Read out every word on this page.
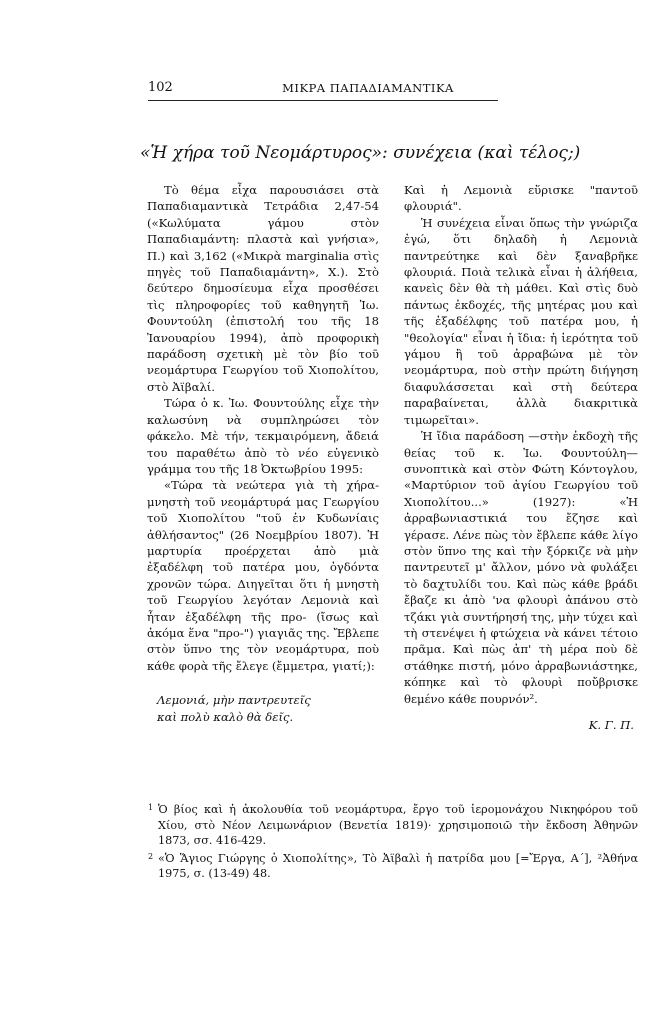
102	ΜΙΚΡΑ ΠΑΠΑΔΙΑΜΑΝΤΙΚΑ
«Ἡ χήρα τοῦ Νεομάρτυρος»: συνέχεια (καὶ τέλος;)

Τὸ θέμα εἶχα παρουσιάσει στὰ Παπαδιαμαντικὰ Τετράδια 2,47-54 («Κωλύματα γάμου στὸν Παπαδιαμάντη: πλαστὰ καὶ γνήσια», Π.) καὶ 3,162 («Μικρὰ marginalia στὶς πηγὲς τοῦ Παπαδιαμάντη», Χ.). Στὸ δεύτερο δημοσίευμα εἶχα προσθέσει τὶς πληροφορίες τοῦ καθηγητῆ Ἰω. Φουντούλη (ἐπιστολή του τῆς 18 Ἰανουαρίου 1994), ἀπὸ προφορικὴ παράδοση σχετικὴ μὲ τὸν βίο τοῦ νεομάρτυρα Γεωργίου τοῦ Χιοπολίτου, στὸ Ἀϊβαλί.

Τώρα ὁ κ. Ἰω. Φουντούλης εἶχε τὴν καλωσύνη νὰ συμπληρώσει τὸν φάκελο. Μὲ τήν, τεκμαιρόμενη, ἄδειά του παραθέτω ἀπὸ τὸ νέο εὐγενικὸ γράμμα του τῆς 18 Ὀκτωβρίου 1995:

«Τώρα τὰ νεώτερα γιὰ τὴ χήρα-μνηστὴ τοῦ νεομάρτυρά μας Γεωργίου τοῦ Χιοπολίτου "τοῦ ἐν Κυδωνίαις ἀθλήσαντος" (26 Νοεμβρίου 1807). Ἡ μαρτυρία προέρχεται ἀπὸ μιὰ ἐξαδέλφη τοῦ πατέρα μου, ὀγδόντα χρονῶν τώρα. Διηγεῖται ὅτι ἡ μνηστὴ τοῦ Γεωργίου λεγόταν Λεμονιὰ καὶ ἦταν ἐξαδέλφη τῆς προ- (ἴσως καὶ ἀκόμα ἕνα "προ-") γιαγιᾶς της. Ἔβλεπε στὸν ὕπνο της τὸν νεομάρτυρα, ποὺ κάθε φορὰ τῆς ἔλεγε (ἔμμετρα, γιατί;):

Λεμονιά, μὴν παντρευτεῖς
καὶ πολὺ καλὸ θὰ δεῖς.

Καὶ ἡ Λεμονιὰ εὕρισκε "παντοῦ φλουριά".

Ἡ συνέχεια εἶναι ὅπως τὴν γνώριζα ἐγώ, ὅτι δηλαδὴ ἡ Λεμονιὰ παντρεύτηκε καὶ δὲν ξαναβρῆκε φλουριά. Ποιὰ τελικὰ εἶναι ἡ ἀλήθεια, κανεὶς δὲν θὰ τὴ μάθει. Καὶ στὶς δυὸ πάντως ἐκδοχές, τῆς μητέρας μου καὶ τῆς ἐξαδέλφης τοῦ πατέρα μου, ἡ "θεολογία" εἶναι ἡ ἴδια: ἡ ἱερότητα τοῦ γάμου ἢ τοῦ ἀρραβώνα μὲ τὸν νεομάρτυρα, ποὺ στὴν πρώτη διήγηση διαφυλάσσεται καὶ στὴ δεύτερα παραβαίνεται, ἀλλὰ διακριτικὰ τιμωρεῖται».

Ἡ ἴδια παράδοση —στὴν ἐκδοχὴ τῆς θείας τοῦ κ. Ἰω. Φουντούλη— συνοπτικὰ καὶ στὸν Φώτη Κόντογλου, «Μαρτύριον τοῦ ἁγίου Γεωργίου τοῦ Χιοπολίτου...» (1927): «Ἡ ἀρραβωνιαστικιά του ἔζησε καὶ γέρασε. Λένε πὼς τὸν ἔβλεπε κάθε λίγο στὸν ὕπνο της καὶ τὴν ξόρκιζε νὰ μὴν παντρευτεῖ μ' ἄλλον, μόνο νὰ φυλάξει τὸ δαχτυλίδι του. Καὶ πὼς κάθε βράδι ἔβαζε κι ἀπὸ 'να φλουρὶ ἀπάνου στὸ τζάκι γιὰ συντήρησή της, μὴν τύχει καὶ τὴ στενέψει ἡ φτώχεια νὰ κάνει τέτοιο πρᾶμα. Καὶ πὼς ἀπ' τὴ μέρα ποὺ δὲ στάθηκε πιστή, μόνο ἀρραβωνιάστηκε, κόπηκε καὶ τὸ φλουρὶ ποὔβρισκε θεμένο κάθε πουρνόν².

Κ. Γ. Π.
1 Ὁ βίος καὶ ἡ ἀκολουθία τοῦ νεομάρτυρα, ἔργο τοῦ ἱερομονάχου Νικηφόρου τοῦ Χίου, στὸ Νέον Λειμωνάριον (Βενετία 1819)· χρησιμοποιῶ τὴν ἔκδοση Ἀθηνῶν 1873, σσ. 416-429.
2 «Ὁ Ἅγιος Γιώργης ὁ Χιοπολίτης», Τὸ Ἀϊβαλὶ ἡ πατρίδα μου [=Ἔργα, Α΄], ²Ἀθήνα 1975, σ. (13-49) 48.
